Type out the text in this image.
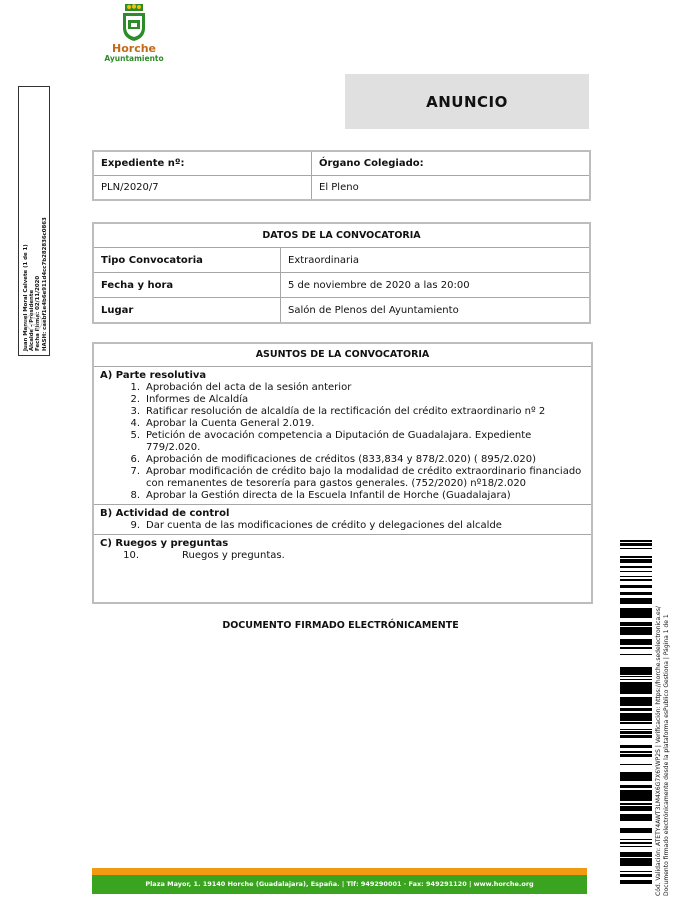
Horche
Ayuntamiento
Juan Manuel Moral Calvete (1 de 1) Alcalde - Presidente Fecha Firma: 02/11/2020 HASH: caebf1e4b6e911d4cc7b282836c0863
ANUNCIO
Expediente nº:	Órgano Colegiado:
PLN/2020/7	El Pleno
DATOS DE LA CONVOCATORIA	
Tipo Convocatoria	Extraordinaria
Fecha y hora	5 de noviembre de 2020 a las 20:00
Lugar	Salón de Plenos del Ayuntamiento
ASUNTOS DE LA CONVOCATORIA
A) Parte resolutiva
1. Aprobación del acta de la sesión anterior
2. Informes de Alcaldía
3. Ratificar resolución de alcaldía de la rectificación del crédito extraordinario nº 2
4. Aprobar la Cuenta General 2.019.
5. Petición de avocación competencia a Diputación de Guadalajara. Expediente 779/2.020.
6. Aprobación de modificaciones de créditos (833,834 y 878/2.020) ( 895/2.020)
7. Aprobar modificación de crédito bajo la modalidad de crédito extraordinario financiado con remanentes de tesorería para gastos generales. (752/2020) nº18/2.020
8. Aprobar la Gestión directa de la Escuela Infantil de Horche (Guadalajara)
B) Actividad de control
9. Dar cuenta de las modificaciones de crédito y delegaciones del alcalde
C) Ruegos y preguntas
10.	Ruegos y preguntas.
DOCUMENTO FIRMADO ELECTRÓNICAMENTE	Cód. Validación: ATETY4AWT3LM4X6G7X6YWP2S | Verificación: https://horche.sedelectronica.es/ Documento firmado electrónicamente desde la plataforma esPublico Gestiona | Página 1 de 1
Plaza Mayor, 1. 19140 Horche (Guadalajara), España. | Tlf: 949290001 · Fax: 949291120 | www.horche.org
